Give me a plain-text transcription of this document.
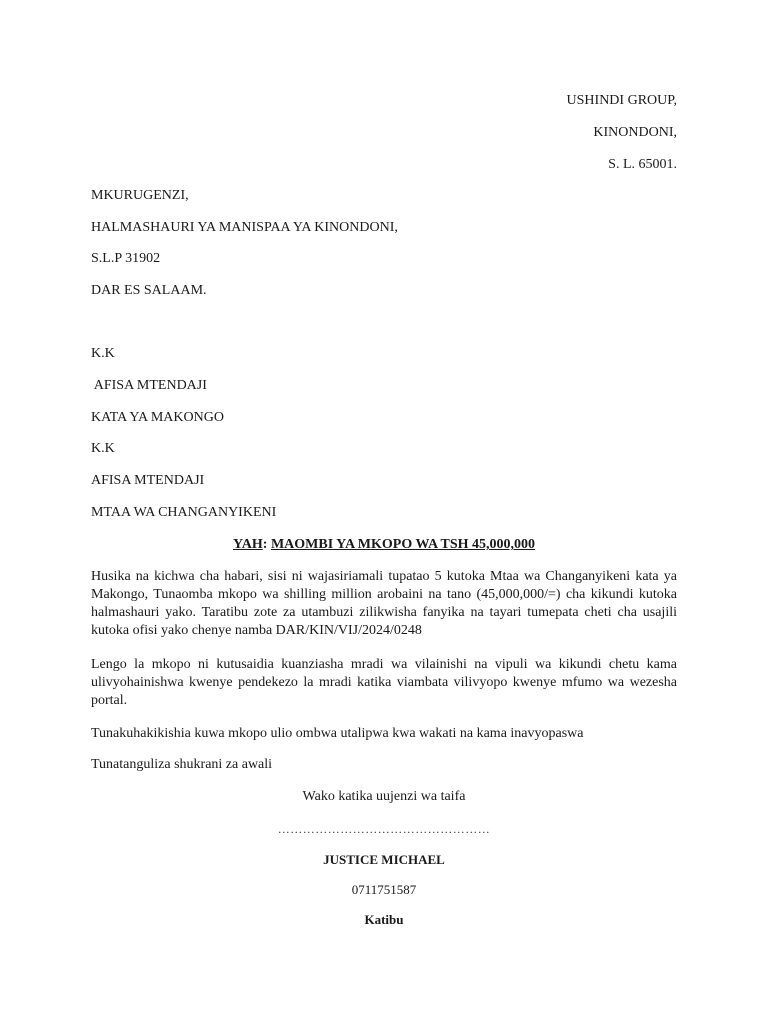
USHINDI GROUP,
KINONDONI,
S. L. 65001.
MKURUGENZI,
HALMASHAURI YA MANISPAA YA KINONDONI,
S.L.P 31902
DAR ES SALAAM.
K.K
AFISA MTENDAJI
KATA YA MAKONGO
K.K
AFISA MTENDAJI
MTAA WA CHANGANYIKENI
YAH: MAOMBI YA MKOPO WA TSH 45,000,000
Husika na kichwa cha habari, sisi ni wajasiriamali tupatao 5 kutoka Mtaa wa Changanyikeni kata ya Makongo, Tunaomba mkopo wa shilling million arobaini na tano (45,000,000/=) cha kikundi kutoka halmashauri yako. Taratibu zote za utambuzi zilikwisha fanyika na tayari tumepata cheti cha usajili kutoka ofisi yako chenye namba DAR/KIN/VIJ/2024/0248
Lengo la mkopo ni kutusaidia kuanziasha mradi wa vilainishi na vipuli wa kikundi chetu kama ulivyohainishwa kwenye pendekezo la mradi katika viambata vilivyopo kwenye mfumo wa wezesha portal.
Tunakuhakikishia kuwa mkopo ulio ombwa utalipwa kwa wakati na kama inavyopaswa
Tunatanguliza shukrani za awali
Wako katika uujenzi wa taifa
……………………………………………
JUSTICE MICHAEL
0711751587
Katibu
